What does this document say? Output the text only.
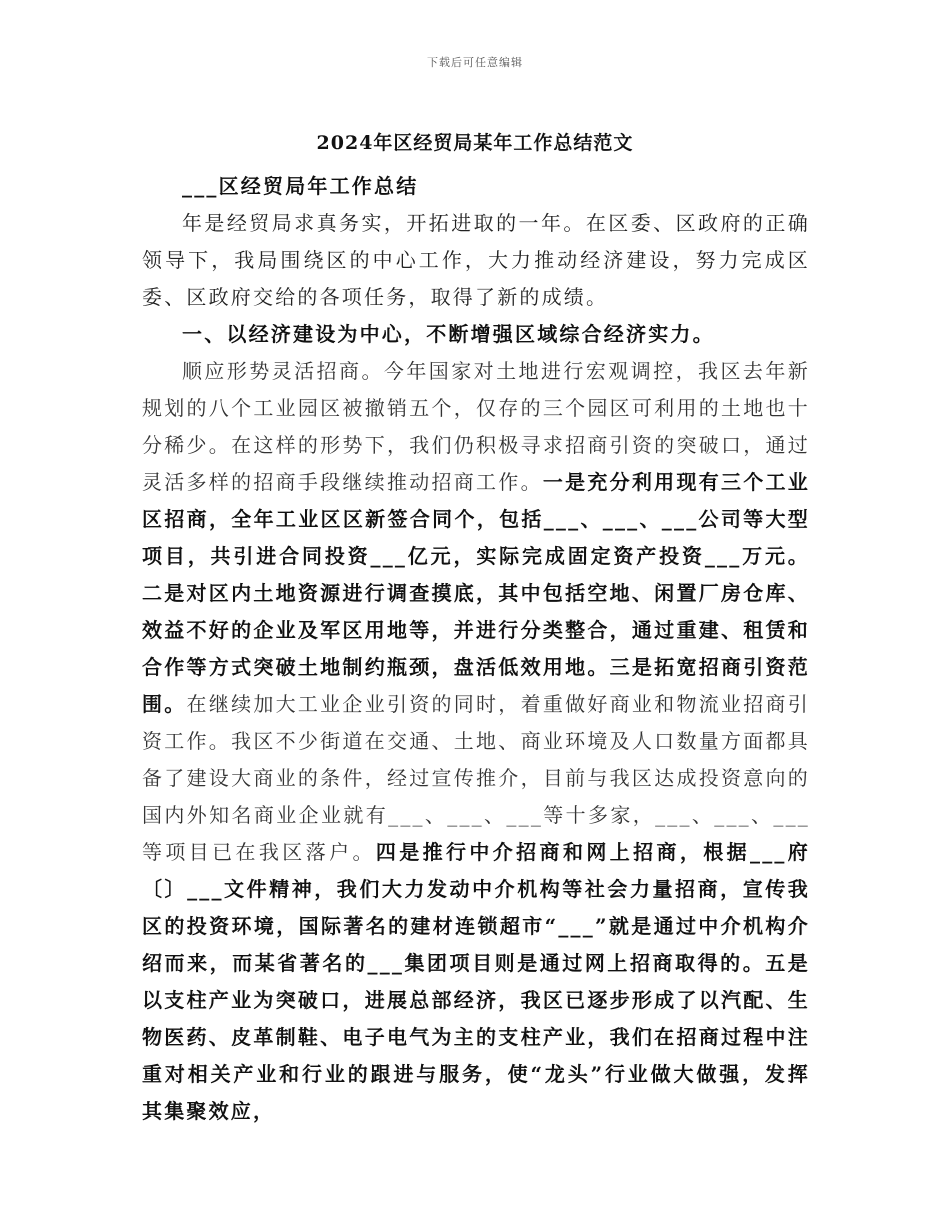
下载后可任意编辑
2024年区经贸局某年工作总结范文

___区经贸局年工作总结

年是经贸局求真务实，开拓进取的一年。在区委、区政府的正确领导下，我局围绕区的中心工作，大力推动经济建设，努力完成区委、区政府交给的各项任务，取得了新的成绩。

一、以经济建设为中心，不断增强区域综合经济实力。

顺应形势灵活招商。今年国家对土地进行宏观调控，我区去年新规划的八个工业园区被撤销五个，仅存的三个园区可利用的土地也十分稀少。在这样的形势下，我们仍积极寻求招商引资的突破口，通过灵活多样的招商手段继续推动招商工作。一是充分利用现有三个工业区招商，全年工业区区新签合同个，包括___、___、___公司等大型项目，共引进合同投资___亿元，实际完成固定资产投资___万元。二是对区内土地资源进行调查摸底，其中包括空地、闲置厂房仓库、效益不好的企业及军区用地等，并进行分类整合，通过重建、租赁和合作等方式突破土地制约瓶颈，盘活低效用地。三是拓宽招商引资范围。在继续加大工业企业引资的同时，着重做好商业和物流业招商引资工作。我区不少街道在交通、土地、商业环境及人口数量方面都具备了建设大商业的条件，经过宣传推介，目前与我区达成投资意向的国内外知名商业企业就有___、___、___等十多家，___、___、___等项目已在我区落户。四是推行中介招商和网上招商，根据___府〔〕___文件精神，我们大力发动中介机构等社会力量招商，宣传我区的投资环境，国际著名的建材连锁超市“___”就是通过中介机构介绍而来，而某省著名的___集团项目则是通过网上招商取得的。五是以支柱产业为突破口，进展总部经济，我区已逐步形成了以汽配、生物医药、皮革制鞋、电子电气为主的支柱产业，我们在招商过程中注重对相关产业和行业的跟进与服务，使“龙头”行业做大做强，发挥其集聚效应，
